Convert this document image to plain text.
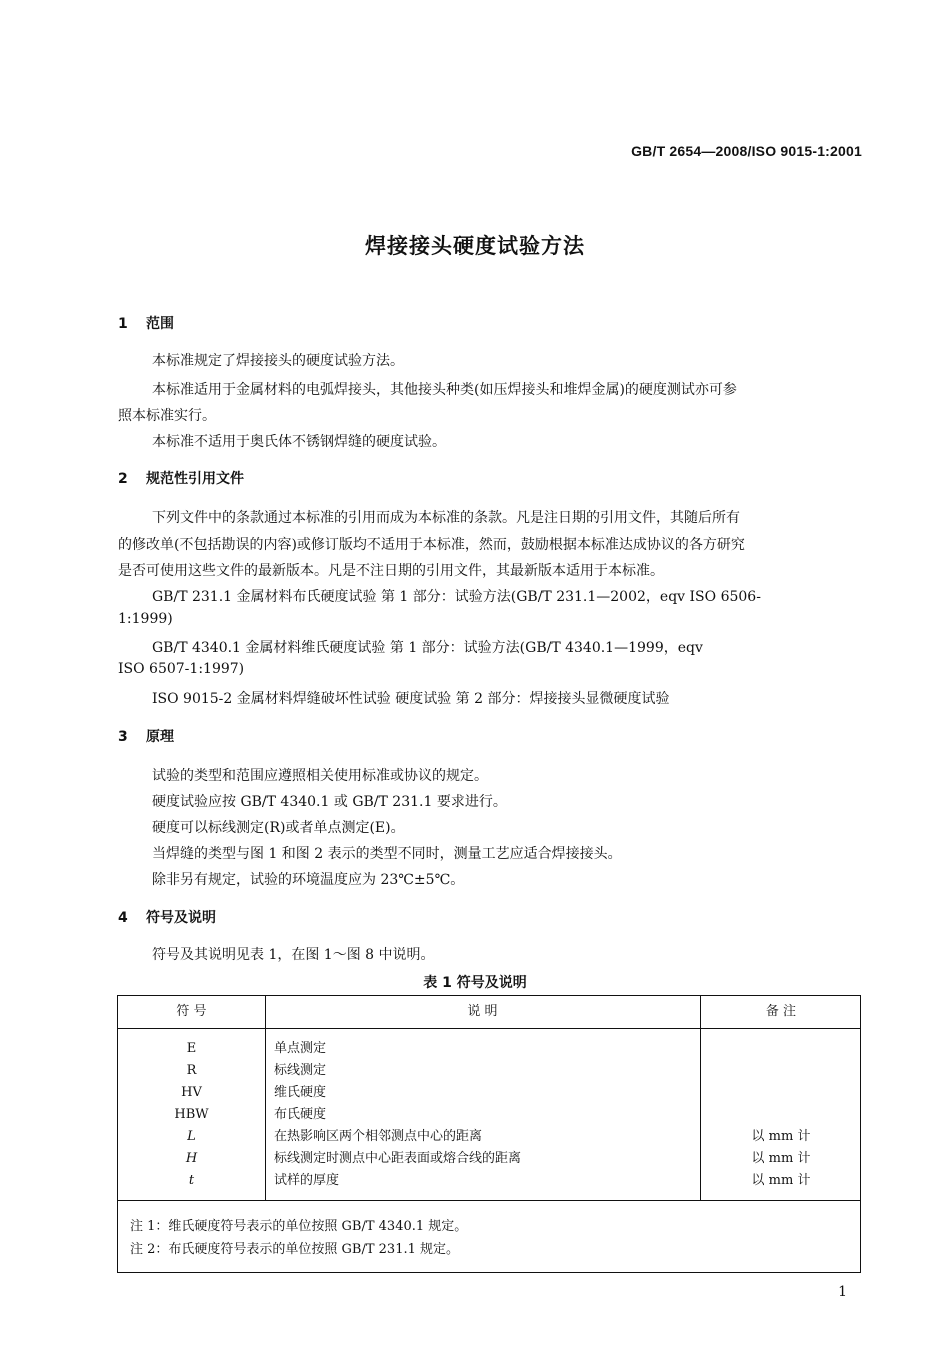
GB/T 2654—2008/ISO 9015-1:2001
焊接接头硬度试验方法
1 范围
本标准规定了焊接接头的硬度试验方法。
本标准适用于金属材料的电弧焊接头，其他接头种类(如压焊接头和堆焊金属)的硬度测试亦可参
照本标准实行。
本标准不适用于奥氏体不锈钢焊缝的硬度试验。
2 规范性引用文件
下列文件中的条款通过本标准的引用而成为本标准的条款。凡是注日期的引用文件，其随后所有
的修改单(不包括勘误的内容)或修订版均不适用于本标准，然而，鼓励根据本标准达成协议的各方研究
是否可使用这些文件的最新版本。凡是不注日期的引用文件，其最新版本适用于本标准。
GB/T 231.1 金属材料布氏硬度试验 第 1 部分：试验方法(GB/T 231.1—2002，eqv ISO 6506-
1:1999)
GB/T 4340.1 金属材料维氏硬度试验 第 1 部分：试验方法(GB/T 4340.1—1999，eqv
ISO 6507-1:1997)
ISO 9015-2 金属材料焊缝破坏性试验 硬度试验 第 2 部分：焊接接头显微硬度试验
3 原理
试验的类型和范围应遵照相关使用标准或协议的规定。
硬度试验应按 GB/T 4340.1 或 GB/T 231.1 要求进行。
硬度可以标线测定(R)或者单点测定(E)。
当焊缝的类型与图 1 和图 2 表示的类型不同时，测量工艺应适合焊接接头。
除非另有规定，试验的环境温度应为 23℃±5℃。
4 符号及说明
符号及其说明见表 1，在图 1～图 8 中说明。
表 1 符号及说明
符 号	说 明	备 注
E	单点测定
R	标线测定
HV	维氏硬度
HBW	布氏硬度
L	在热影响区两个相邻测点中心的距离	以 mm 计
H	标线测定时测点中心距表面或熔合线的距离	以 mm 计
t	试样的厚度	以 mm 计
注 1：维氏硬度符号表示的单位按照 GB/T 4340.1 规定。
注 2：布氏硬度符号表示的单位按照 GB/T 231.1 规定。
1
